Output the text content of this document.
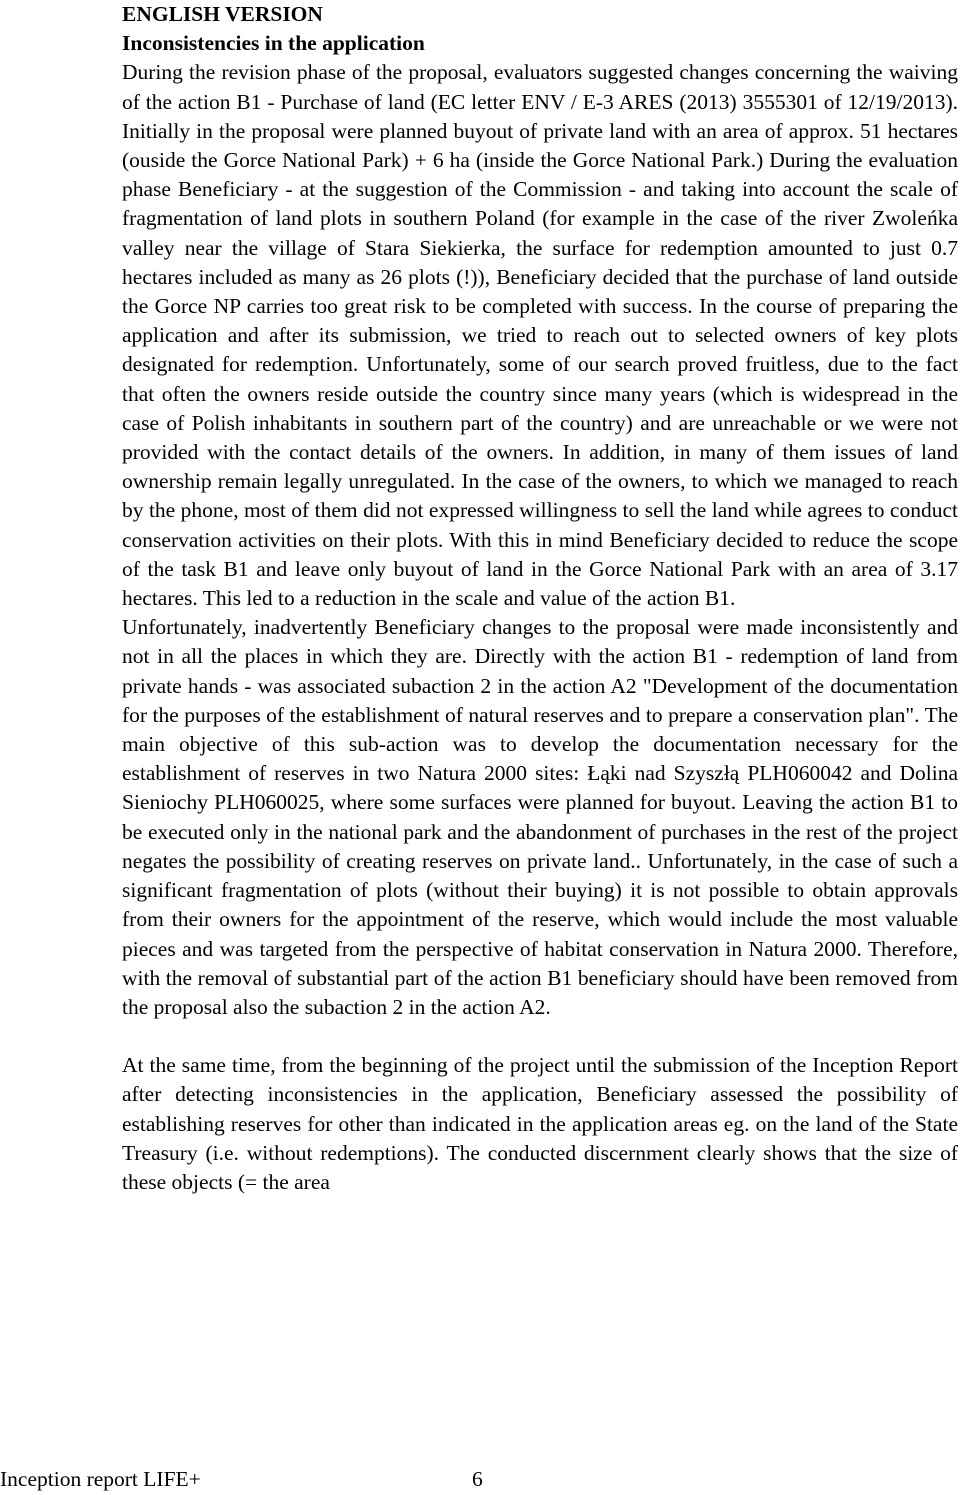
ENGLISH VERSION
Inconsistencies in the application

During the revision phase of the proposal, evaluators suggested changes concerning the waiving of the action B1 - Purchase of land (EC letter ENV / E-3 ARES (2013) 3555301 of 12/19/2013). Initially in the proposal were planned buyout of private land with an area of approx. 51 hectares (ouside the Gorce National Park) + 6 ha (inside the Gorce National Park.) During the evaluation phase Beneficiary - at the suggestion of the Commission - and taking into account the scale of fragmentation of land plots in southern Poland (for example in the case of the river Zwoleńka valley near the village of Stara Siekierka, the surface for redemption amounted to just 0.7 hectares included as many as 26 plots (!)), Beneficiary decided that the purchase of land outside the Gorce NP carries too great risk to be completed with success. In the course of preparing the application and after its submission, we tried to reach out to selected owners of key plots designated for redemption. Unfortunately, some of our search proved fruitless, due to the fact that often the owners reside outside the country since many years (which is widespread in the case of Polish inhabitants in southern part of the country) and are unreachable or we were not provided with the contact details of the owners. In addition, in many of them issues of land ownership remain legally unregulated. In the case of the owners, to which we managed to reach by the phone, most of them did not expressed willingness to sell the land while agrees to conduct conservation activities on their plots. With this in mind Beneficiary decided to reduce the scope of the task B1 and leave only buyout of land in the Gorce National Park with an area of 3.17 hectares. This led to a reduction in the scale and value of the action B1.

Unfortunately, inadvertently Beneficiary changes to the proposal were made inconsistently and not in all the places in which they are. Directly with the action B1 - redemption of land from private hands - was associated subaction 2 in the action A2 "Development of the documentation for the purposes of the establishment of natural reserves and to prepare a conservation plan". The main objective of this sub-action was to develop the documentation necessary for the establishment of reserves in two Natura 2000 sites: Łąki nad Szyszłą PLH060042 and Dolina Sieniochy PLH060025, where some surfaces were planned for buyout. Leaving the action B1 to be executed only in the national park and the abandonment of purchases in the rest of the project negates the possibility of creating reserves on private land.. Unfortunately, in the case of such a significant fragmentation of plots (without their buying) it is not possible to obtain approvals from their owners for the appointment of the reserve, which would include the most valuable pieces and was targeted from the perspective of habitat conservation in Natura 2000. Therefore, with the removal of substantial part of the action B1 beneficiary should have been removed from the proposal also the subaction 2 in the action A2.

At the same time, from the beginning of the project until the submission of the Inception Report after detecting inconsistencies in the application, Beneficiary assessed the possibility of establishing reserves for other than indicated in the application areas eg. on the land of the State Treasury (i.e. without redemptions). The conducted discernment clearly shows that the size of these objects (= the area

Inception report LIFE+	6
